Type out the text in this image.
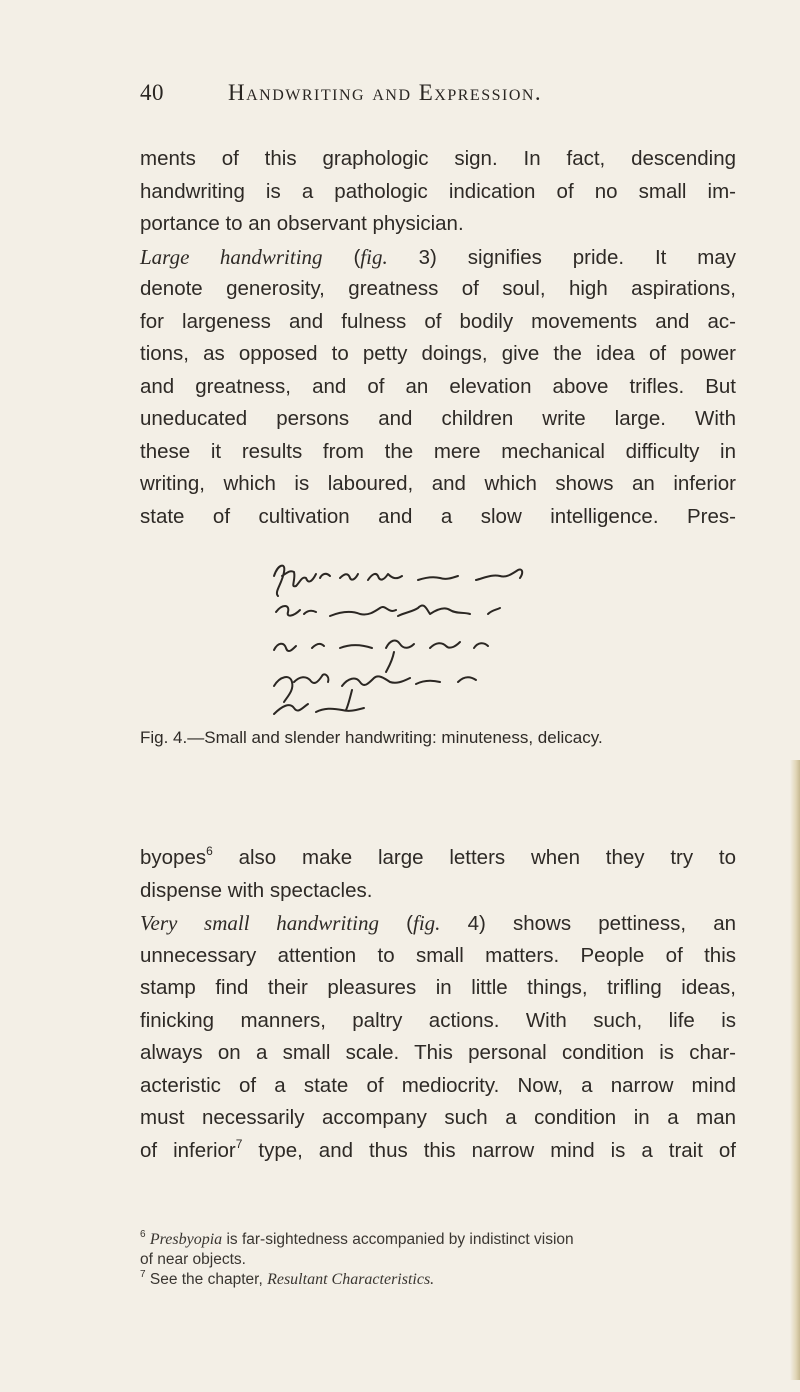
40	Handwriting and Expression.
ments of this graphologic sign. In fact, descending
handwriting is a pathologic indication of no small im-
portance to an observant physician.
Large handwriting (fig. 3) signifies pride. It may
denote generosity, greatness of soul, high aspirations,
for largeness and fulness of bodily movements and ac-
tions, as opposed to petty doings, give the idea of power
and greatness, and of an elevation above trifles. But
uneducated persons and children write large. With
these it results from the mere mechanical difficulty in
writing, which is laboured, and which shows an inferior
state of cultivation and a slow intelligence. Pres-
Fig. 4.—Small and slender handwriting: minuteness, delicacy.
byopes$^6$ also make large letters when they try to
dispense with spectacles.
Very small handwriting (fig. 4) shows pettiness, an
unnecessary attention to small matters. People of this
stamp find their pleasures in little things, trifling ideas,
finicking manners, paltry actions. With such, life is
always on a small scale. This personal condition is char-
acteristic of a state of mediocrity. Now, a narrow mind
must necessarily accompany such a condition in a man
of inferior$^7$ type, and thus this narrow mind is a trait of
$^6$ Presbyopia is far-sightedness accompanied by indistinct vision
of near objects.
$^7$ See the chapter, Resultant Characteristics.
